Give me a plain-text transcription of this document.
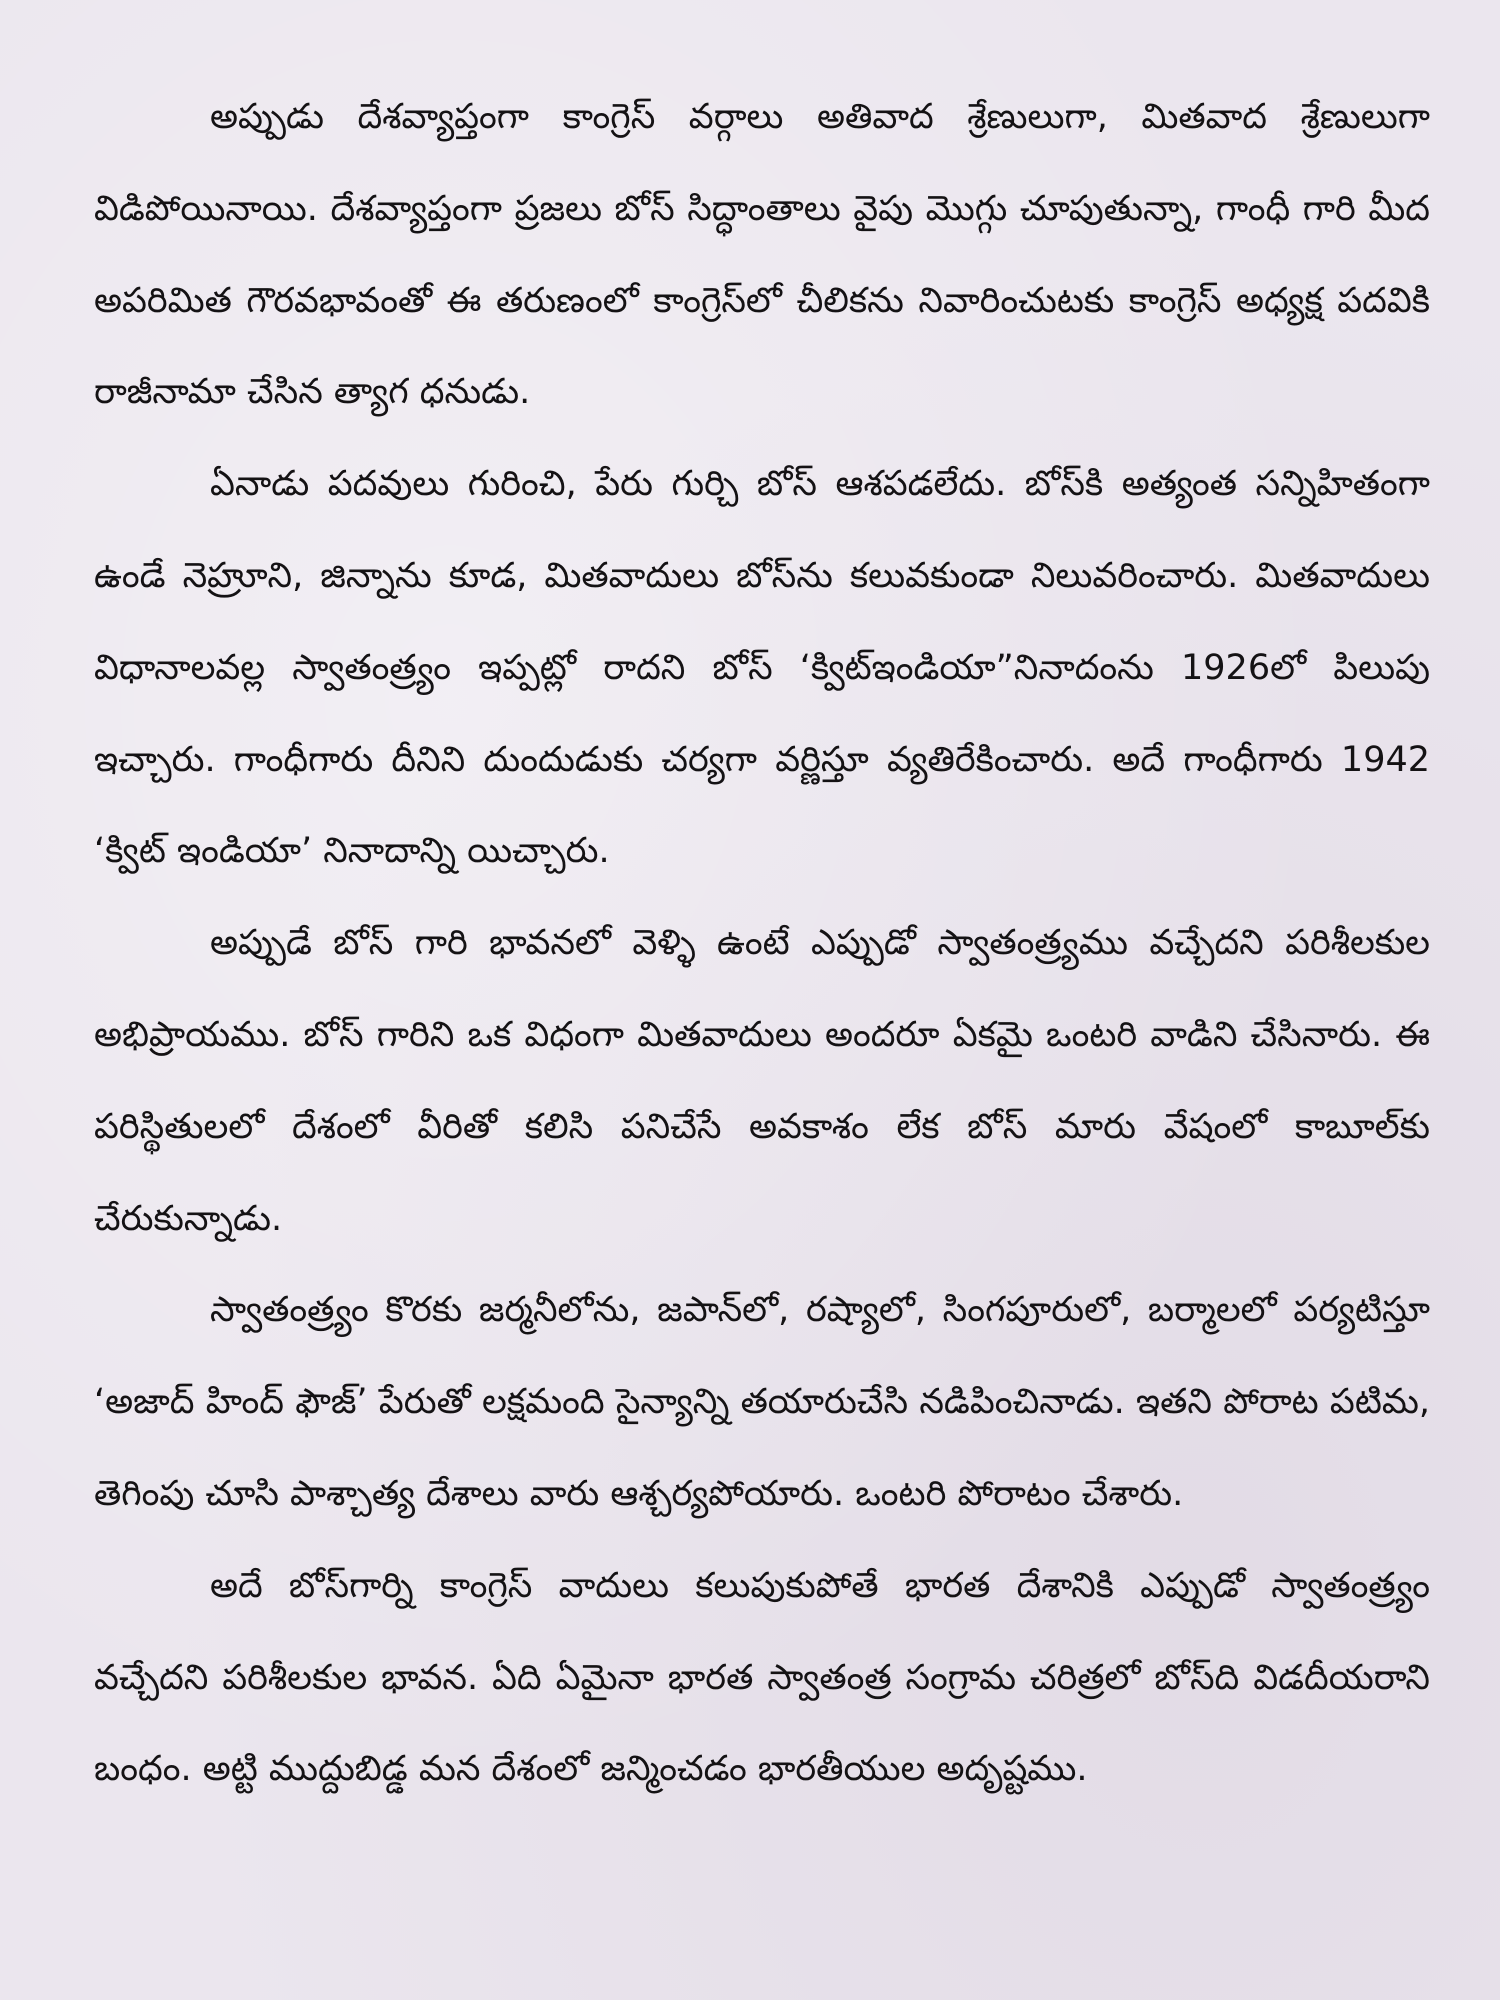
అప్పుడు దేశవ్యాప్తంగా కాంగ్రెస్ వర్గాలు అతివాద శ్రేణులుగా, మితవాద శ్రేణులుగా విడిపోయినాయి. దేశవ్యాప్తంగా ప్రజలు బోస్ సిద్ధాంతాలు వైపు మొగ్గు చూపుతున్నా, గాంధీ గారి మీద అపరిమిత గౌరవభావంతో ఈ తరుణంలో కాంగ్రెస్‌లో చీలికను నివారించుటకు కాంగ్రెస్ అధ్యక్ష పదవికి రాజీనామా చేసిన త్యాగ ధనుడు.

ఏనాడు పదవులు గురించి, పేరు గుర్చి బోస్ ఆశపడలేదు. బోస్‌కి అత్యంత సన్నిహితంగా ఉండే నెహ్రూని, జిన్నాను కూడ, మితవాదులు బోస్‌ను కలువకుండా నిలువరించారు. మితవాదులు విధానాలవల్ల స్వాతంత్ర్యం ఇప్పట్లో రాదని బోస్ ‘క్విట్ఇండియా”నినాదంను 1926లో పిలుపు ఇచ్చారు. గాంధీగారు దీనిని దుందుడుకు చర్యగా వర్ణిస్తూ వ్యతిరేకించారు. అదే గాంధీగారు 1942 ‘క్విట్ ఇండియా’ నినాదాన్ని యిచ్చారు.

అప్పుడే బోస్ గారి భావనలో వెళ్ళి ఉంటే ఎప్పుడో స్వాతంత్ర్యము వచ్చేదని పరిశీలకుల అభిప్రాయము. బోస్ గారిని ఒక విధంగా మితవాదులు అందరూ ఏకమై ఒంటరి వాడిని చేసినారు. ఈ పరిస్థితులలో దేశంలో వీరితో కలిసి పనిచేసే అవకాశం లేక బోస్ మారు వేషంలో కాబూల్‌కు చేరుకున్నాడు.

స్వాతంత్ర్యం కొరకు జర్మనీలోను, జపాన్‌లో, రష్యాలో, సింగపూరులో, బర్మాలలో పర్యటిస్తూ ‘అజాద్ హింద్ ఫౌజ్’ పేరుతో లక్షమంది సైన్యాన్ని తయారుచేసి నడిపించినాడు. ఇతని పోరాట పటిమ, తెగింపు చూసి పాశ్చాత్య దేశాలు వారు ఆశ్చర్యపోయారు. ఒంటరి పోరాటం చేశారు.

అదే బోస్‌గార్ని కాంగ్రెస్ వాదులు కలుపుకుపోతే భారత దేశానికి ఎప్పుడో స్వాతంత్ర్యం వచ్చేదని పరిశీలకుల భావన. ఏది ఏమైనా భారత స్వాతంత్ర సంగ్రామ చరిత్రలో బోస్‌ది విడదీయరాని బంధం. అట్టి ముద్దుబిడ్డ మన దేశంలో జన్మించడం భారతీయుల అదృష్టము.
